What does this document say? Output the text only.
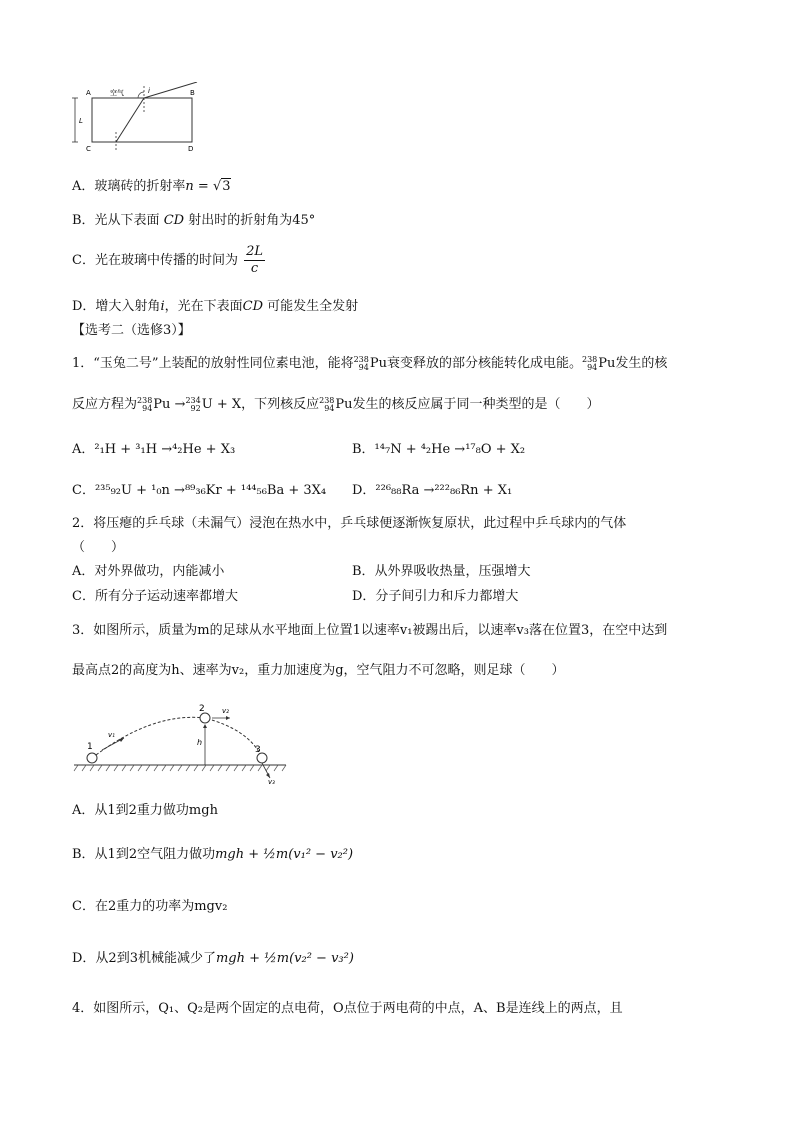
A	空气	i	B
L
C	D
A．玻璃砖的折射率n = √3
B．光从下表面 CD 射出时的折射角为45°
C．光在玻璃中传播的时间为 $\frac{2L}{c}$
D．增大入射角i，光在下表面CD 可能发生全发射
【选考二（选修3）】
1．“玉兔二号”上装配的放射性同位素电池，能将 238
94 Pu衰变释放的部分核能转化成电能。 238
94 Pu发生的核
反应方程为 238
94 Pu → 234
92 U + X，下列核反应 238
94 Pu发生的核反应属于同一种类型的是（　　）
A．²₁H + ³₁H →⁴₂He + X₃	B．¹⁴₇N + ⁴₂He →¹⁷₈O + X₂
C．²³⁵₉₂U + ¹₀n →⁸⁹₃₆Kr + ¹⁴⁴₅₆Ba + 3X₄ D．²²⁶₈₈Ra →²²²₈₆Rn + X₁
2．将压瘪的乒乓球（未漏气）浸泡在热水中，乒乓球便逐渐恢复原状，此过程中乒乓球内的气体
（　　）
A．对外界做功，内能减小	B．从外界吸收热量，压强增大
C．所有分子运动速率都增大	D．分子间引力和斥力都增大
3．如图所示，质量为m的足球从水平地面上位置1以速率v₁被踢出后，以速率v₃落在位置3，在空中达到
最高点2的高度为h、速率为v₂，重力加速度为g，空气阻力不可忽略，则足球（　　）
1
2
3
v₁
v₂
v₃
h
A．从1到2重力做功mgh
B．从1到2空气阻力做功mgh + ½m(v₁² − v₂²)
C．在2重力的功率为mgv₂
D．从2到3机械能减少了mgh + ½m(v₂² − v₃²)
4．如图所示，Q₁、Q₂是两个固定的点电荷，O点位于两电荷的中点，A、B是连线上的两点，且
